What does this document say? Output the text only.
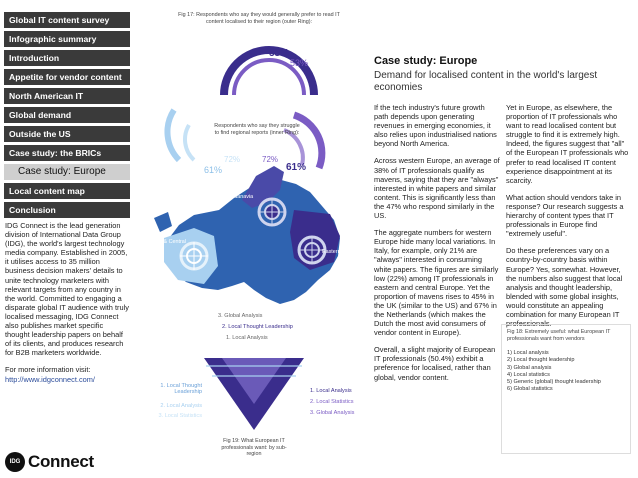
Global IT content survey
Infographic summary
Introduction
Appetite for vendor content
North American IT
Global demand
Outside the US
Case study: the BRICs
Case study: Europe
Local content map
Conclusion

IDG Connect is the lead generation division of International Data Group (IDG), the world's largest technology media company. Established in 2005, it utilises access to 35 million business decision makers' details to unite technology marketers with relevant targets from any country in the world. Committed to engaging a disparate global IT audience with truly localised messaging, IDG Connect also publishes market specific thought leadership papers on behalf of its clients, and produces research for B2B marketers worldwide.

For more information visit:
http://www.idgconnect.com/
IDG Connect
Fig 17: Respondents who say they would generally prefer to read IT content localised to their region (outer Ring):
53%
53%
Respondents who say they struggle to find regional reports (inner Ring):
72%	72%
61%	61%
Scandanavia
Eastern Europe
Western & Central Europe
3. Global Analysis
2. Local Thought Leadership
1. Local Analysis
1. Local Thought Leadership
2. Local Analysis
3. Local Statistics
1. Local Analysis
2. Local Statistics
3. Global Analysis
Fig 19: What European IT professionals want: by sub-region
Case study: Europe
Demand for localised content in the world's largest economies

If the tech industry's future growth path depends upon generating revenues in emerging economies, it also relies upon industrialised nations beyond North America.

Across western Europe, an average of 38% of IT professionals qualify as mavens, saying that they are "always" interested in white papers and similar content. This is significantly less than the 47% who respond similarly in the US.

The aggregate numbers for western Europe hide many local variations. In Italy, for example, only 21% are "always" interested in consuming white papers. The figures are similarly low (22%) among IT professionals in eastern and central Europe. Yet the proportion of mavens rises to 45% in the UK (similar to the US) and 67% in the Netherlands (which makes the Dutch the most avid consumers of vendor content in Europe).

Overall, a slight majority of European IT professionals (50.4%) exhibit a preference for localised, rather than global, vendor content.

Yet in Europe, as elsewhere, the proportion of IT professionals who want to read localised content but struggle to find it is extremely high. Indeed, the figures suggest that "all" of the European IT professionals who prefer to read localised IT content experience disappointment at its scarcity.

What action should vendors take in response? Our research suggests a hierarchy of content types that IT professionals in Europe find "extremely useful".

Do these preferences vary on a country-by-country basis within Europe? Yes, somewhat. However, the numbers also suggest that local analysis and thought leadership, blended with some global insights, would constitute an appealing combination for many European IT professionals.

Fig 18: Extremely useful: what European IT professionals want from vendors
1) Local analysis
2) Local thought leadership
3) Global analysis
4) Local statistics
5) Generic (global) thought leadership
6) Global statistics
